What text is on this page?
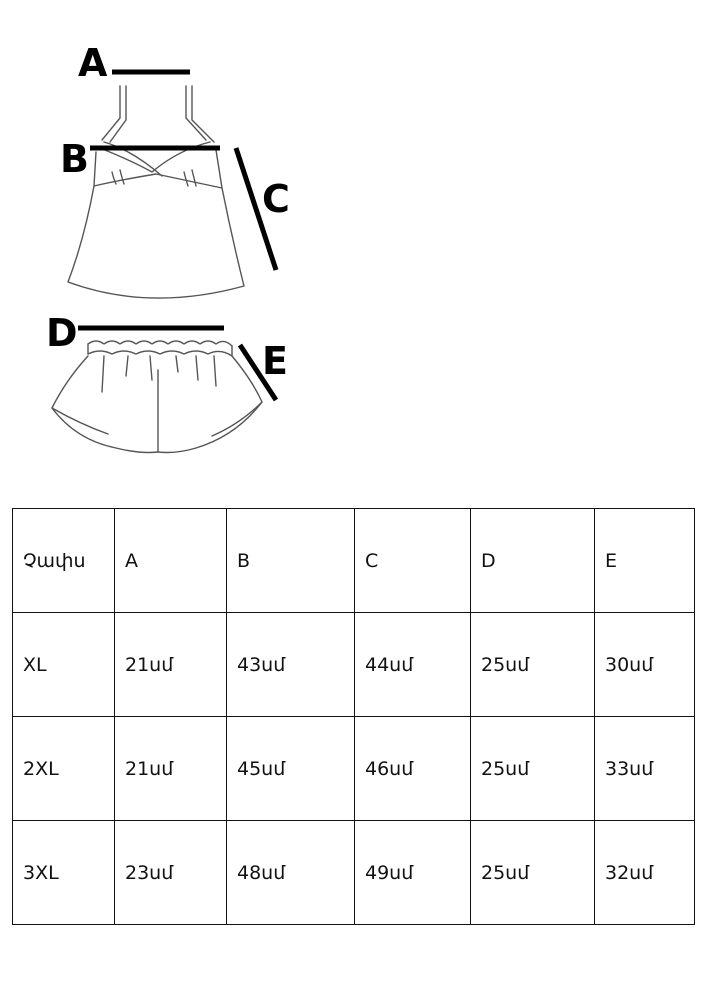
A
B
C
D
E
Չափս	A	B	C	D	E
XL	21սմ	43սմ	44սմ	25սմ	30սմ
2XL	21սմ	45սմ	46սմ	25սմ	33սմ
3XL	23սմ	48սմ	49սմ	25սմ	32սմ
